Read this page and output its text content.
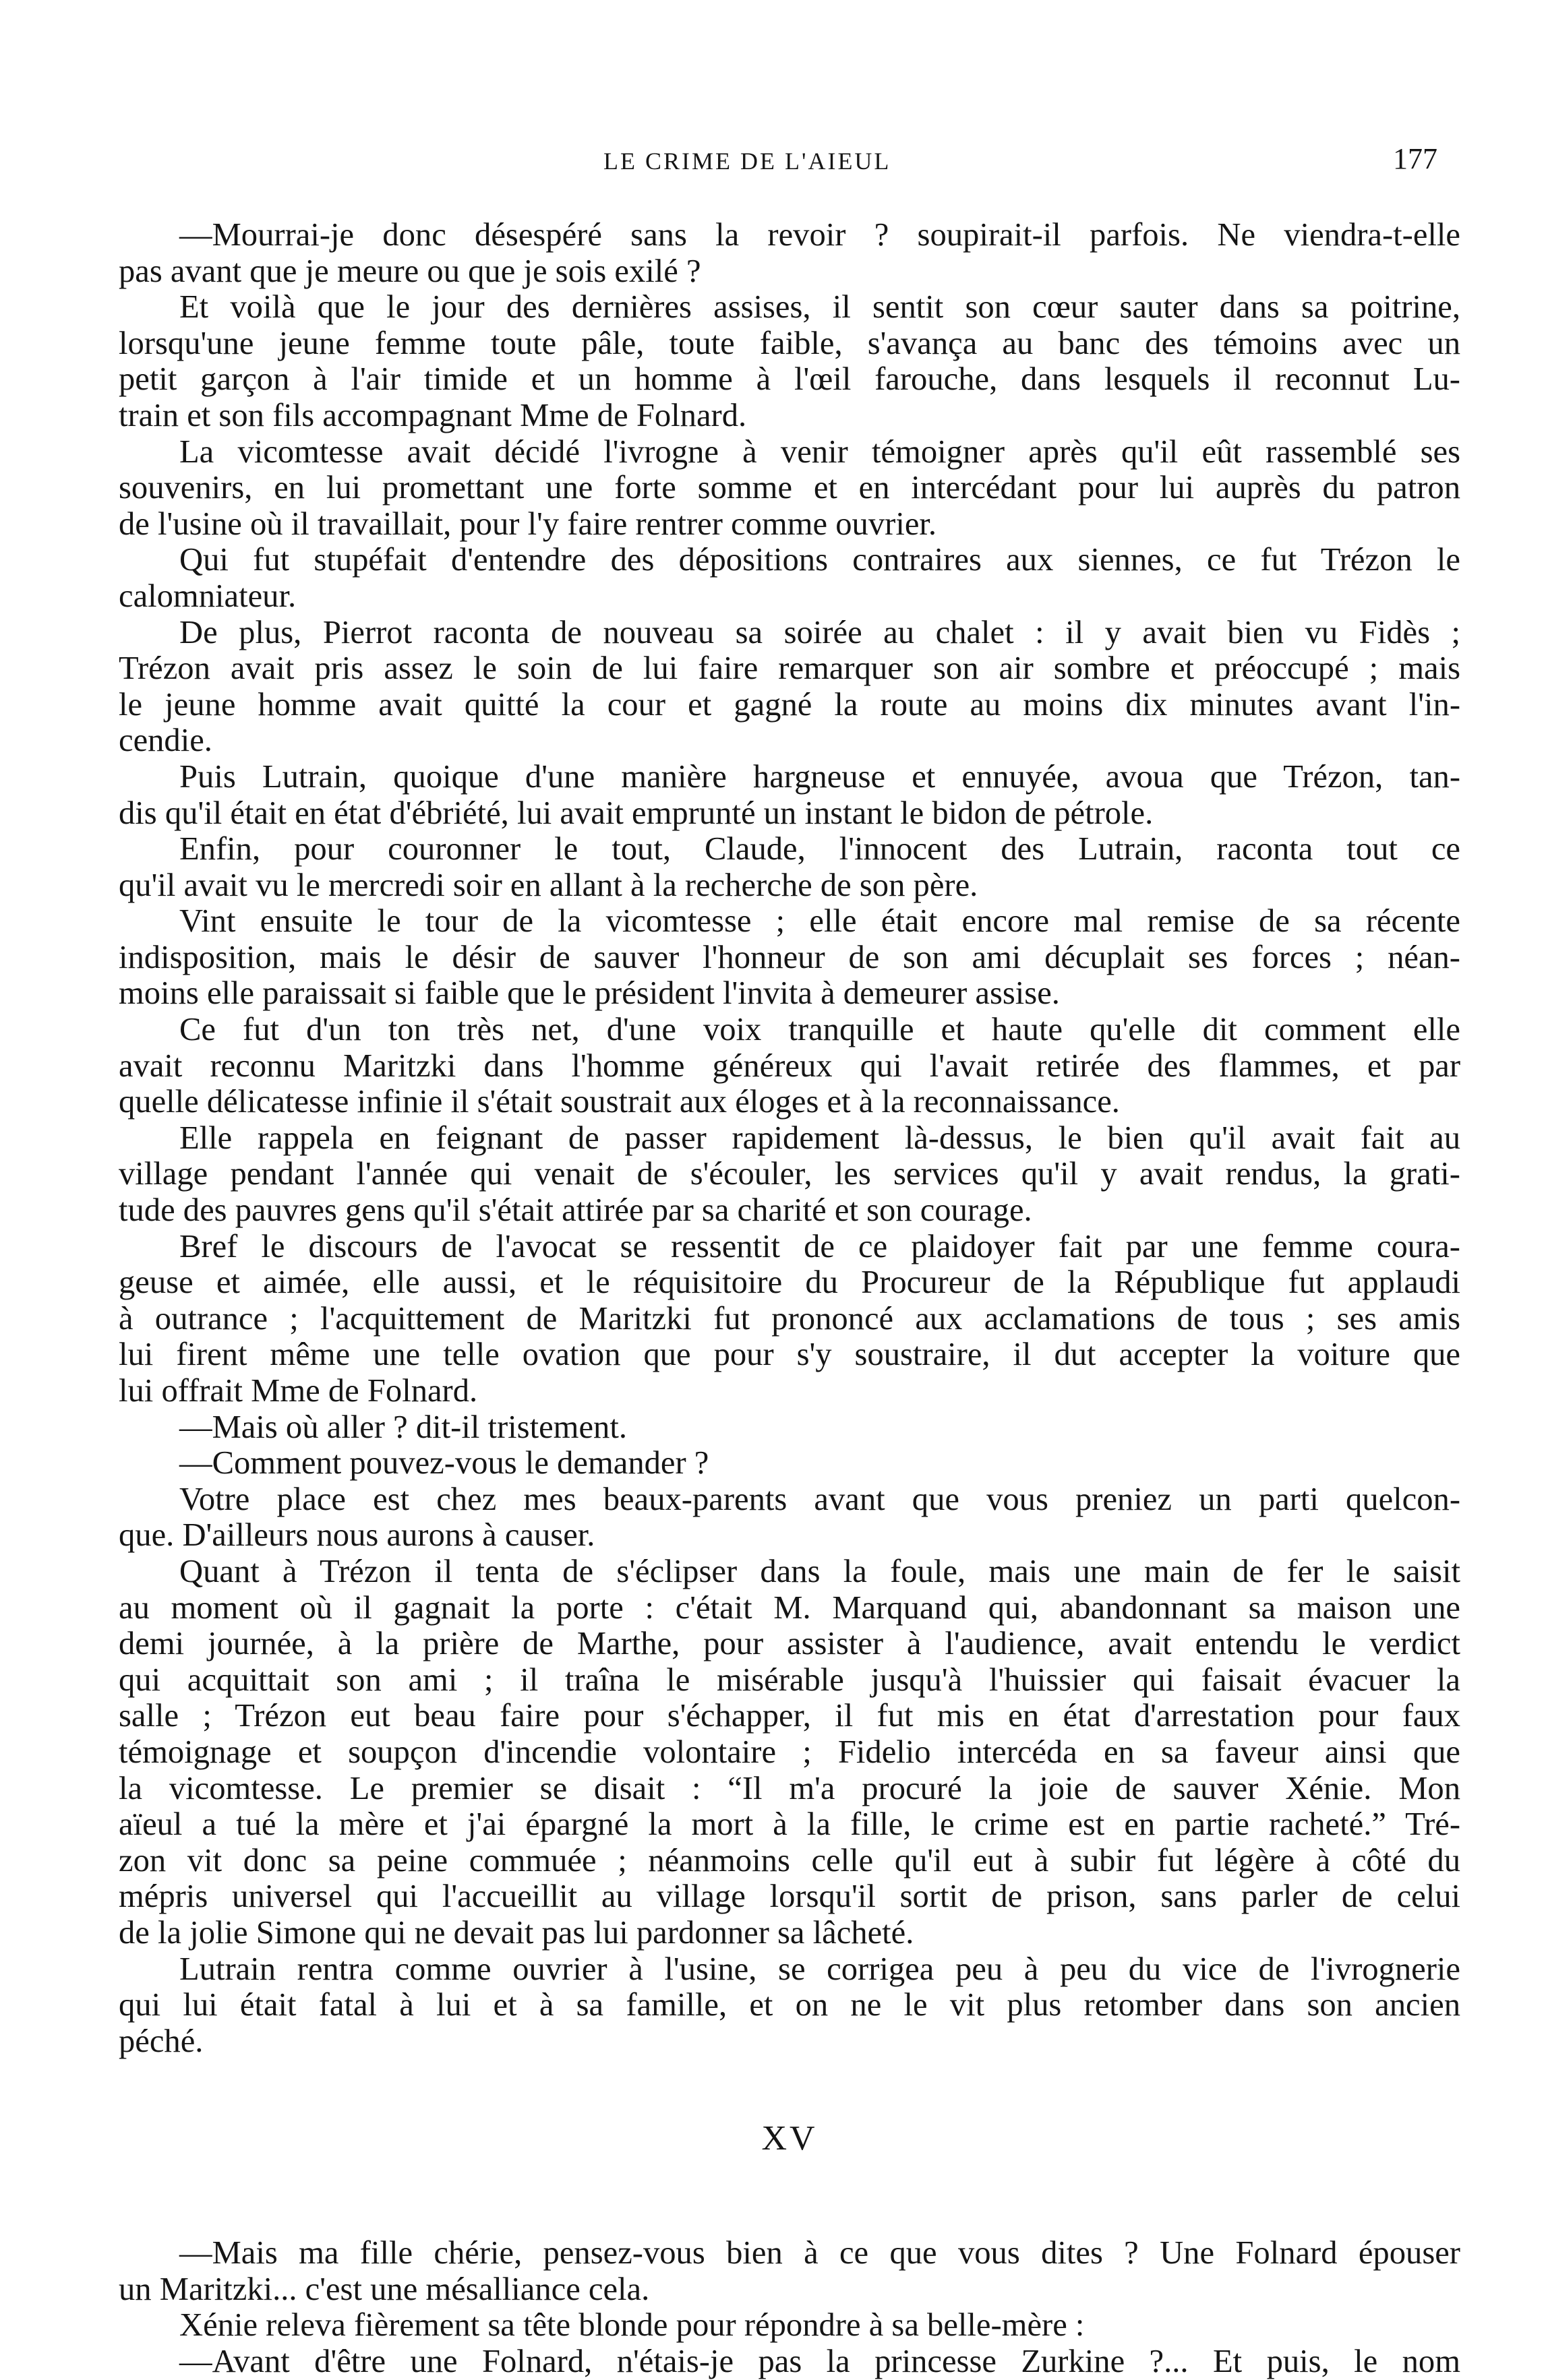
LE CRIME DE L'AIEUL	177
—Mourrai-je donc désespéré sans la revoir ? soupirait-il parfois. Ne viendra-t-elle
pas avant que je meure ou que je sois exilé ?
Et voilà que le jour des dernières assises, il sentit son cœur sauter dans sa poitrine,
lorsqu'une jeune femme toute pâle, toute faible, s'avança au banc des témoins avec un
petit garçon à l'air timide et un homme à l'œil farouche, dans lesquels il reconnut Lu-
train et son fils accompagnant Mme de Folnard.
La vicomtesse avait décidé l'ivrogne à venir témoigner après qu'il eût rassemblé ses
souvenirs, en lui promettant une forte somme et en intercédant pour lui auprès du patron
de l'usine où il travaillait, pour l'y faire rentrer comme ouvrier.
Qui fut stupéfait d'entendre des dépositions contraires aux siennes, ce fut Trézon le
calomniateur.
De plus, Pierrot raconta de nouveau sa soirée au chalet : il y avait bien vu Fidès ;
Trézon avait pris assez le soin de lui faire remarquer son air sombre et préoccupé ; mais
le jeune homme avait quitté la cour et gagné la route au moins dix minutes avant l'in-
cendie.
Puis Lutrain, quoique d'une manière hargneuse et ennuyée, avoua que Trézon, tan-
dis qu'il était en état d'ébriété, lui avait emprunté un instant le bidon de pétrole.
Enfin, pour couronner le tout, Claude, l'innocent des Lutrain, raconta tout ce
qu'il avait vu le mercredi soir en allant à la recherche de son père.
Vint ensuite le tour de la vicomtesse ; elle était encore mal remise de sa récente
indisposition, mais le désir de sauver l'honneur de son ami décuplait ses forces ; néan-
moins elle paraissait si faible que le président l'invita à demeurer assise.
Ce fut d'un ton très net, d'une voix tranquille et haute qu'elle dit comment elle
avait reconnu Maritzki dans l'homme généreux qui l'avait retirée des flammes, et par
quelle délicatesse infinie il s'était soustrait aux éloges et à la reconnaissance.
Elle rappela en feignant de passer rapidement là-dessus, le bien qu'il avait fait au
village pendant l'année qui venait de s'écouler, les services qu'il y avait rendus, la grati-
tude des pauvres gens qu'il s'était attirée par sa charité et son courage.
Bref le discours de l'avocat se ressentit de ce plaidoyer fait par une femme coura-
geuse et aimée, elle aussi, et le réquisitoire du Procureur de la République fut applaudi
à outrance ; l'acquittement de Maritzki fut prononcé aux acclamations de tous ; ses amis
lui firent même une telle ovation que pour s'y soustraire, il dut accepter la voiture que
lui offrait Mme de Folnard.
—Mais où aller ? dit-il tristement.
—Comment pouvez-vous le demander ?
Votre place est chez mes beaux-parents avant que vous preniez un parti quelcon-
que. D'ailleurs nous aurons à causer.
Quant à Trézon il tenta de s'éclipser dans la foule, mais une main de fer le saisit
au moment où il gagnait la porte : c'était M. Marquand qui, abandonnant sa maison une
demi journée, à la prière de Marthe, pour assister à l'audience, avait entendu le verdict
qui acquittait son ami ; il traîna le misérable jusqu'à l'huissier qui faisait évacuer la
salle ; Trézon eut beau faire pour s'échapper, il fut mis en état d'arrestation pour faux
témoignage et soupçon d'incendie volontaire ; Fidelio intercéda en sa faveur ainsi que
la vicomtesse. Le premier se disait : “Il m'a procuré la joie de sauver Xénie. Mon
aïeul a tué la mère et j'ai épargné la mort à la fille, le crime est en partie racheté.” Tré-
zon vit donc sa peine commuée ; néanmoins celle qu'il eut à subir fut légère à côté du
mépris universel qui l'accueillit au village lorsqu'il sortit de prison, sans parler de celui
de la jolie Simone qui ne devait pas lui pardonner sa lâcheté.
Lutrain rentra comme ouvrier à l'usine, se corrigea peu à peu du vice de l'ivrognerie
qui lui était fatal à lui et à sa famille, et on ne le vit plus retomber dans son ancien
péché.
XV
—Mais ma fille chérie, pensez-vous bien à ce que vous dites ? Une Folnard épouser
un Maritzki... c'est une mésalliance cela.
Xénie releva fièrement sa tête blonde pour répondre à sa belle-mère :
—Avant d'être une Folnard, n'étais-je pas la princesse Zurkine ?... Et puis, le nom
